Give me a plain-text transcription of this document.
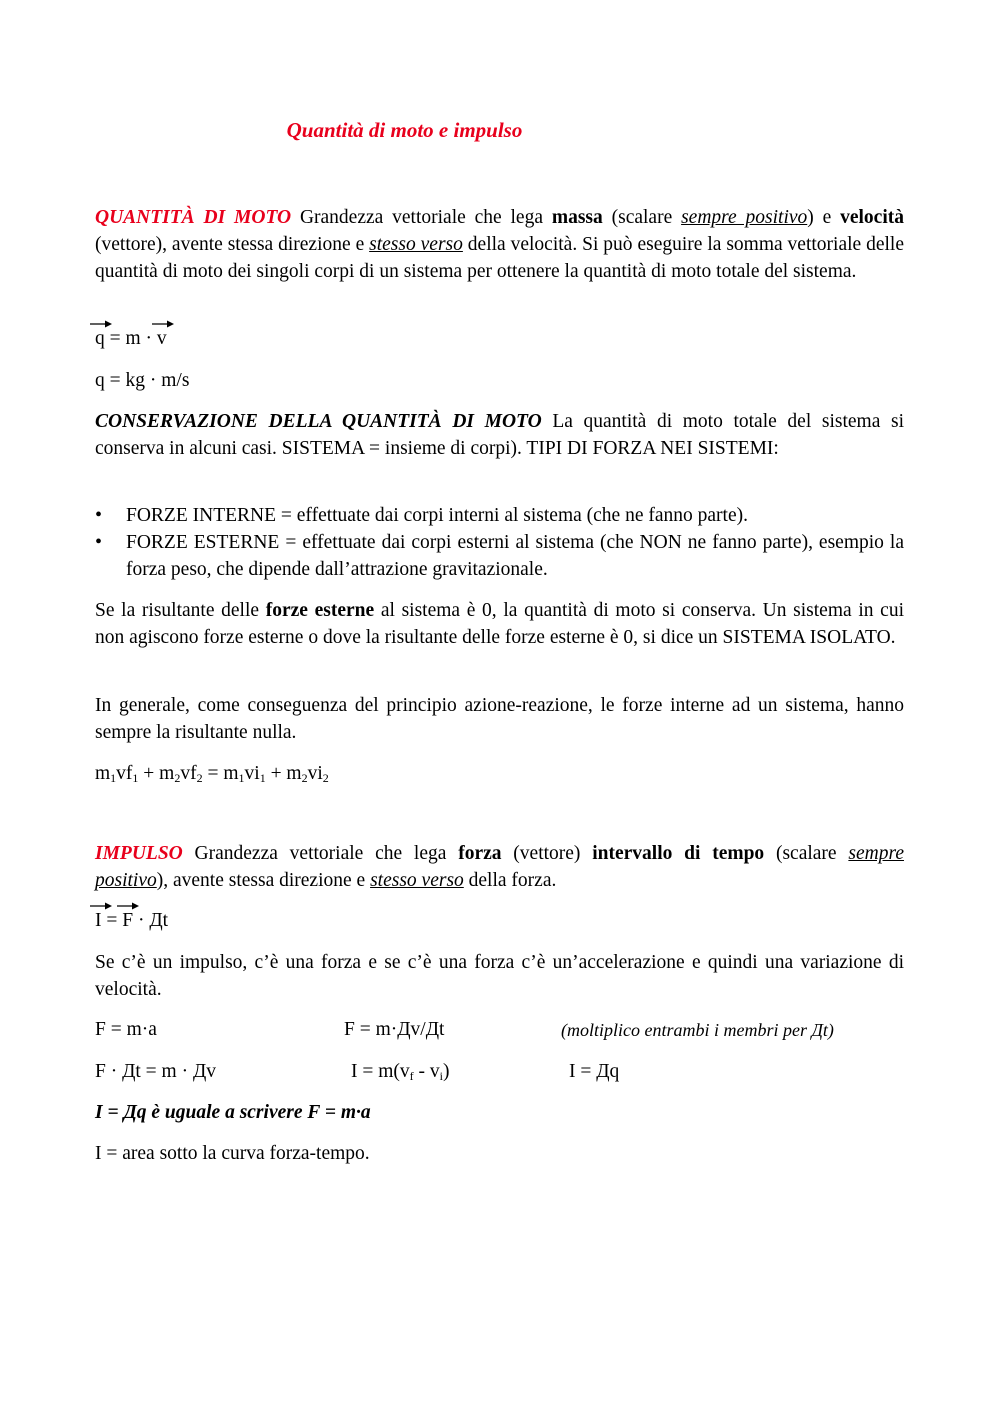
Quantità di moto e impulso
QUANTITÀ DI MOTO Grandezza vettoriale che lega massa (scalare sempre positivo) e velocità (vettore), avente stessa direzione e stesso verso della velocità. Si può eseguire la somma vettoriale delle quantità di moto dei singoli corpi di un sistema per ottenere la quantità di moto totale del sistema.
q = m ·
v
q = kg · m/s
CONSERVAZIONE DELLA QUANTITÀ DI MOTO La quantità di moto totale del sistema si conserva in alcuni casi. SISTEMA = insieme di corpi). TIPI DI FORZA NEI SISTEMI:
• FORZE INTERNE = effettuate dai corpi interni al sistema (che ne fanno parte).
• FORZE ESTERNE = effettuate dai corpi esterni al sistema (che NON ne fanno parte), esempio la forza peso, che dipende dall’attrazione gravitazionale.
Se la risultante delle forze esterne al sistema è 0, la quantità di moto si conserva. Un sistema in cui non agiscono forze esterne o dove la risultante delle forze esterne è 0, si dice un SISTEMA ISOLATO.
In generale, come conseguenza del principio azione-reazione, le forze interne ad un sistema, hanno sempre la risultante nulla.
$m_1vf_1 + m_2vf_2 = m_1vi_1 + m_2vi_2$
IMPULSO Grandezza vettoriale che lega forza (vettore) intervallo di tempo (scalare sempre positivo), avente stessa direzione e stesso verso della forza.
I =
F · Дt
Se c’è un impulso, c’è una forza e se c’è una forza c’è un’accelerazione e quindi una variazione di velocità.
F = m·a	F = m·Дv/Дt	(moltiplico entrambi i membri per Дt)
F · Дt = m · Дv	$I = m(v_f - v_i)$	I = Дq
I = Дq è uguale a scrivere F = m·a
I = area sotto la curva forza-tempo.
